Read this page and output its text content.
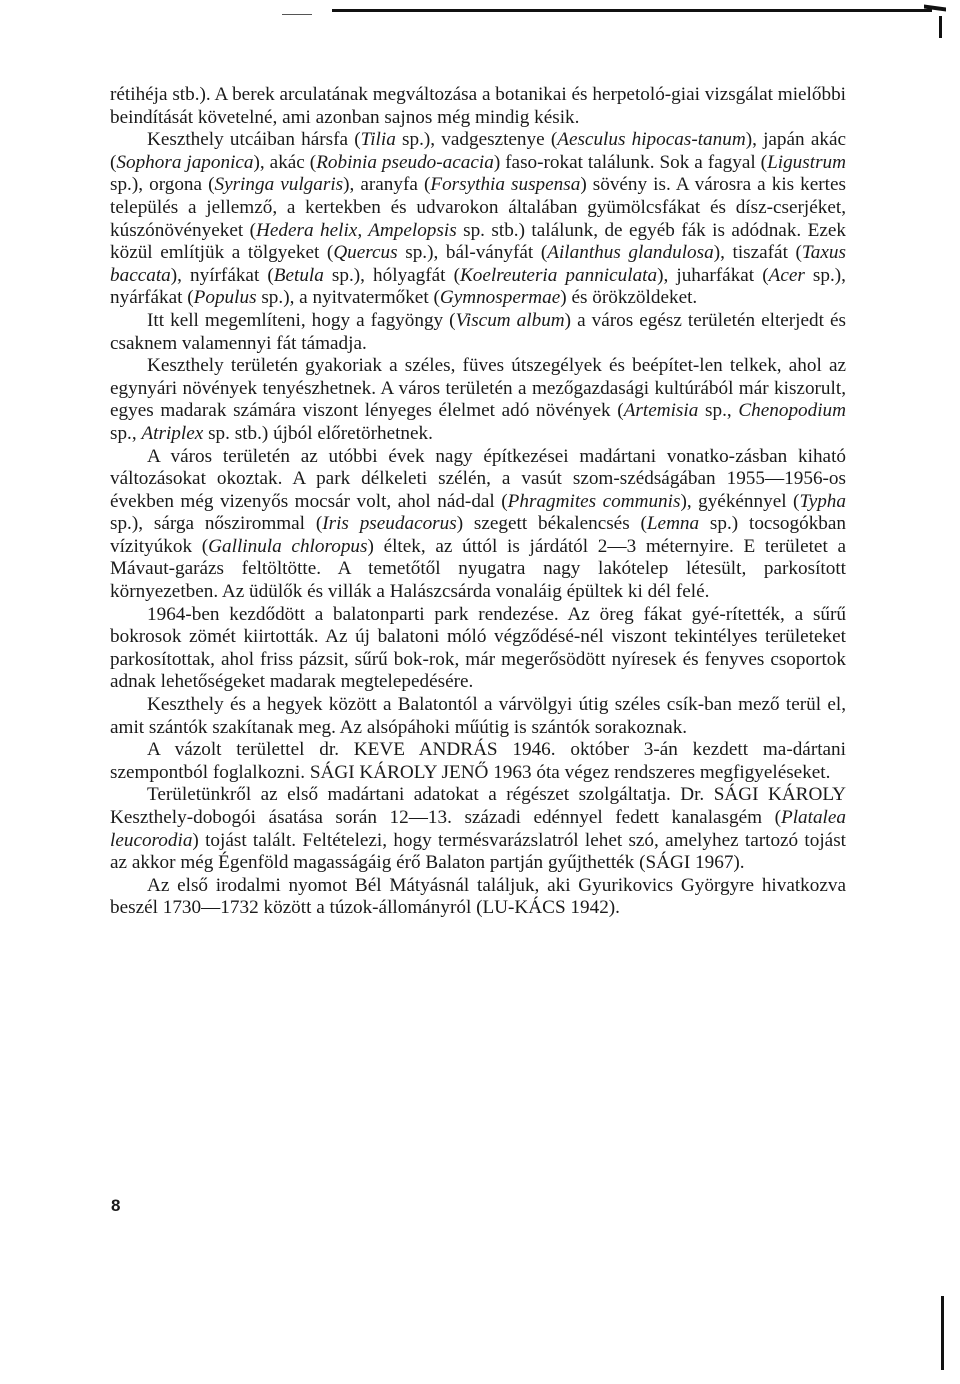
rétihéja stb.). A berek arculatának megváltozása a botanikai és herpetoló-giai vizsgálat mielőbbi beindítását követelné, ami azonban sajnos még mindig késik.

Keszthely utcáiban hársfa (Tilia sp.), vadgesztenye (Aesculus hipocas-tanum), japán akác (Sophora japonica), akác (Robinia pseudo-acacia) faso-rokat találunk. Sok a fagyal (Ligustrum sp.), orgona (Syringa vulgaris), aranyfa (Forsythia suspensa) sövény is. A városra a kis kertes település a jellemző, a kertekben és udvarokon általában gyümölcsfákat és dísz-cserjéket, kúszónövényeket (Hedera helix, Ampelopsis sp. stb.) találunk, de egyéb fák is adódnak. Ezek közül említjük a tölgyeket (Quercus sp.), bál-ványfát (Ailanthus glandulosa), tiszafát (Taxus baccata), nyírfákat (Betula sp.), hólyagfát (Koelreuteria panniculata), juharfákat (Acer sp.), nyárfákat (Populus sp.), a nyitvatermőket (Gymnospermae) és örökzöldeket.

Itt kell megemlíteni, hogy a fagyöngy (Viscum album) a város egész területén elterjedt és csaknem valamennyi fát támadja.

Keszthely területén gyakoriak a széles, füves útszegélyek és beépítet-len telkek, ahol az egynyári növények tenyészhetnek. A város területén a mezőgazdasági kultúrából már kiszorult, egyes madarak számára viszont lényeges élelmet adó növények (Artemisia sp., Chenopodium sp., Atriplex sp. stb.) újból előretörhetnek.

A város területén az utóbbi évek nagy építkezései madártani vonatko-zásban kiható változásokat okoztak. A park délkeleti szélén, a vasút szom-szédságában 1955—1956-os években még vizenyős mocsár volt, ahol nád-dal (Phragmites communis), gyékénnyel (Typha sp.), sárga nőszirommal (Iris pseudacorus) szegett békalencsés (Lemna sp.) tocsogókban vízityúkok (Gallinula chloropus) éltek, az úttól is járdától 2—3 méternyire. E területet a Mávaut-garázs feltöltötte. A temetőtől nyugatra nagy lakótelep létesült, parkosított környezetben. Az üdülők és villák a Halászcsárda vonaláig épültek ki dél felé.

1964-ben kezdődött a balatonparti park rendezése. Az öreg fákat gyé-rítették, a sűrű bokrosok zömét kiirtották. Az új balatoni móló végződésé-nél viszont tekintélyes területeket parkosítottak, ahol friss pázsit, sűrű bok-rok, már megerősödött nyíresek és fenyves csoportok adnak lehetőségeket madarak megtelepedésére.

Keszthely és a hegyek között a Balatontól a várvölgyi útig széles csík-ban mező terül el, amit szántók szakítanak meg. Az alsópáhoki műútig is szántók sorakoznak.

A vázolt területtel dr. KEVE ANDRÁS 1946. október 3-án kezdett ma-dártani szempontból foglalkozni. SÁGI KÁROLY JENŐ 1963 óta végez rendszeres megfigyeléseket.

Területünkről az első madártani adatokat a régészet szolgáltatja. Dr. SÁGI KÁROLY Keszthely-dobogói ásatása során 12—13. századi edénnyel fedett kanalasgém (Platalea leucorodia) tojást talált. Feltételezi, hogy termésvarázslatról lehet szó, amelyhez tartozó tojást az akkor még Égenföld magasságáig érő Balaton partján gyűjthették (SÁGI 1967).

Az első irodalmi nyomot Bél Mátyásnál találjuk, aki Gyurikovics Györgyre hivatkozva beszél 1730—1732 között a túzok-állományról (LU-KÁCS 1942).

8
